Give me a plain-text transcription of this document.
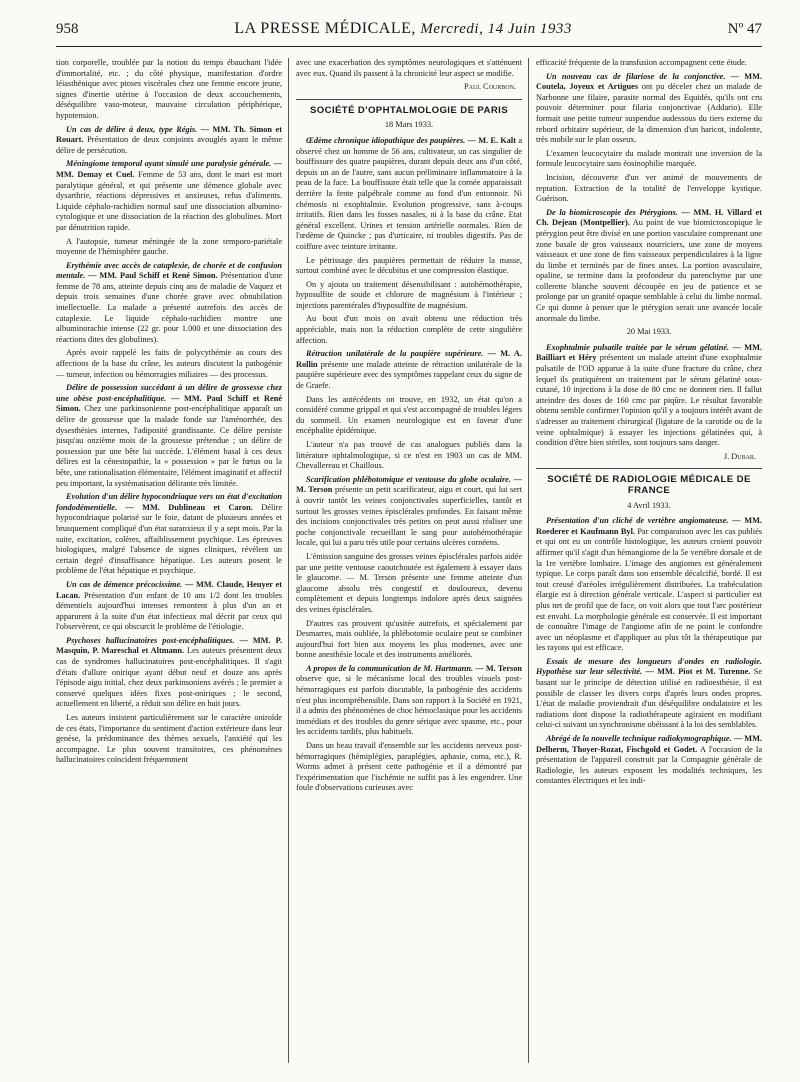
958	LA PRESSE MÉDICALE, Mercredi, 14 Juin 1933	Nº 47

tion corporelle, troublée par la notion du temps ébauchant l'idée d'immortalité, etc. ; du côté physique, manifestation d'ordre léiasthénique avec ptoses viscérales chez une femme encore jeune, signes d'inertie utérine à l'occasion de deux accouchements, déséquilibre vaso-moteur, mauvaise circulation périphérique, hypotension.

Un cas de délire à deux, type Régis. — MM. Th. Simon et Rouart. Présentation de deux conjoints avouglés ayant le même délire de persécution.

Méningiome temporal ayant simulé une paralysie générale. — MM. Demay et Cuel. Femme de 53 ans, dont le mari est mort paralytique général, et qui présente une démence globale avec dysarthrie, réactions dépressives et anxieuses, refus d'aliments. Liquide céphalo-rachidien normal sauf une dissociation albumino-cytologique et une dissociation de la réaction des globulines. Mort par dénutrition rapide.

A l'autopsie, tumeur méningée de la zone temporo-pariétale moyenne de l'hémisphère gauche.

Erythémie avec accès de cataplexie, de chorée et de confusion mentale. — MM. Paul Schiff et René Simon. Présentation d'une femme de 78 ans, atteinte depuis cinq ans de maladie de Vaquez et depuis trois semaines d'une chorée grave avec obnubilation intellectuelle. La malade a présenté autrefois des accès de cataplexie. Le liquide céphalo-rachidien montre une albuminorachie intense (22 gr. pour 1.000 et une dissociation des réactions dites des globulines).

Après avoir rappelé les faits de polycythémie au cours des affections de la base du crâne, les auteurs discutent la pathogénie — tumeur, infection ou hémorragies miliaires — des processus.

Délire de possession succédant à un délire de grossesse chez une obèse post-encéphalitique. — MM. Paul Schiff et René Simon. Chez une parkinsonienne post-encéphalitique apparaît un délire de grossesse que la malade fonde sur l'aménorrhée, des dysesthésies internes, l'adiposité grandissante. Ce délire persiste jusqu'au onzième mois de la grossesse prétendue ; un délire de possession par une bête lui succède. L'élément basal à ces deux délires est la cénestopathie, la « possession » par le fœtus ou la bête, une rationalisation élémentaire, l'élément imaginatif et affectif peu important, la systématisation délirante très limitée.

Evolution d'un délire hypocondriaque vers un état d'excitation fondodémentielle. — MM. Dublineau et Caron. Délire hypocondriaque polarisé sur le foie, datant de plusieurs années et brusquement compliqué d'un état suranxieux il y a sept mois. Par la suite, excitation, colères, affaiblissement psychique. Les épreuves biologiques, malgré l'absence de signes cliniques, révèlent un certain degré d'insuffisance hépatique. Les auteurs posent le problème de l'état hépatique et psychique.

Un cas de démence précocissime. — MM. Claude, Heuyer et Lacan. Présentation d'un enfant de 10 ans 1/2 dont les troubles démentiels aujourd'hui intenses remontent à plus d'un an et apparurent à la suite d'un état infectieux mal décrit par ceux qui l'observèrent, ce qui obscurcit le problème de l'étiologie.

Psychoses hallucinatoires post-encéphalitiques. — MM. P. Masquin, P. Mareschal et Altmann. Les auteurs présentent deux cas de syndromes hallucinatoires post-encéphalitiques. Il s'agit d'états d'allure onirique ayant début neuf et douze ans après l'épisode aigu initial, chez deux parkinsoniens avérés ; le premier a conservé quelques idées fixes post-oniriques ; le second, actuellement en liberté, a réduit son délire en huit jours.

Les auteurs insistent particulièrement sur le caractère oniroïde de ces états, l'importance du sentiment d'action extérieure dans leur genèse, la prédominance des thèmes sexuels, l'anxiété qui les accompagne. Le plus souvent transitoires, ces phénomènes hallucinatoires coïncident fréquemment

avec une exacerbation des symptômes neurologiques et s'atténuent avec eux. Quand ils passent à la chronicité leur aspect se modifie.

Paul Courbon.
SOCIÉTÉ D'OPHTALMOLOGIE DE PARIS
18 Mars 1933.

Œdème chronique idiopathique des paupières. — M. E. Kalt a observé chez un homme de 56 ans, cultivateur, un cas singulier de bouffissure des quatre paupières, durant depuis deux ans d'un côté, depuis un an de l'autre, sans aucun préliminaire inflammatoire à la peau de la face. La bouffissure était telle que la cornée apparaissait derrière la fente palpébrale comme au fond d'un entonnoir. Ni chémosis ni exophtalmie. Evolution progressive, sans à-coups irritatifs. Rien dans les fosses nasales, ni à la base du crâne. Etat général excellent. Urines et tension artérielle normales. Rien de l'œdème de Quincke ; pas d'urticaire, ni troubles digestifs. Pas de coiffure avec teinture irritante.

Le pétrissage des paupières permettait de réduire la masse, surtout combiné avec le décubitus et une compression élastique.

On y ajouta un traitement désensibilisant : autohémothérapie, hyposulfite de soude et chlorure de magnésium à l'intérieur ; injections parentérales d'hyposulfite de magnésium.

Au bout d'un mois on avait obtenu une réduction très appréciable, mais non la réduction complète de cette singulière affection.

Rétraction unilatérale de la paupière supérieure. — M. A. Rollin présente une malade atteinte de rétraction unilatérale de la paupière supérieure avec des symptômes rappelant ceux du signe de de Graefe.

Dans les antécédents on trouve, en 1932, un état qu'on a considéré comme grippal et qui s'est accompagné de troubles légers du sommeil. Un examen neurologique est en faveur d'une encéphalite épidémique.

L'auteur n'a pas trouvé de cas analogues publiés dans la littérature ophtalmologique, si ce n'est en 1903 un cas de MM. Chevallereau et Chaillous.

Scarification phlébotomique et ventouse du globe oculaire. — M. Terson présente un petit scarificateur, aigu et court, qui lui sert à ouvrir tantôt les veines conjonctivales superficielles, tantôt et surtout les grosses veines épisclérales profondes. En faisant même des incisions conjonctivales très petites on peut aussi réaliser une poche conjonctivale recueillant le sang pour autohémothérapie locale, qui lui a paru très utile pour certains ulcères cornéens.

L'émission sanguine des grosses veines épisclérales parfois aidée par une petite ventouse caoutchoutée est également à essayer dans le glaucome. — M. Terson présente une femme atteinte d'un glaucome absolu très congestif et douloureux, devenu complètement et depuis longtemps indolore après deux saignées des veines épisclérales.

D'autres cas prouvent qu'usitée autrefois, et spécialement par Desmarres, mais oubliée, la phlébotomie oculaire peut se combiner aujourd'hui fort bien aux moyens les plus modernes, avec une bonne anesthésie locale et des instruments améliorés.

A propos de la communication de M. Hartmann. — M. Terson observe que, si le mécanisme local des troubles visuels post-hémorragiques est parfois discutable, la pathogénie des accidents n'est plus incompréhensible. Dans son rapport à la Société en 1921, il a admis des phénomènes de choc hémoclasique pour les accidents immédiats et des troubles du genre sérique avec spasme, etc., pour les accidents tardifs, plus habituels.

Dans un beau travail d'ensemble sur les accidents nerveux post-hémorragiques (hémiplégies, paraplégies, aphasie, coma, etc.), R. Worms admet à présent cette pathogénie et il a démontré par l'expérimentation que l'ischémie ne suffit pas à les engendrer. Une foule d'observations curieuses avec

efficacité fréquente de la transfusion accompagnent cette étude.

Un nouveau cas de filariose de la conjonctive. — MM. Coutela, Joyeux et Artigues ont pu déceler chez un malade de Narbonne une filaire, parasite normal des Equidés, qu'ils ont cru pouvoir déterminer pour filaria conjonctivae (Addario). Elle formait une petite tumeur suspendue audessous du tiers externe du rebord orbitaire supérieur, de la dimension d'un haricot, indolente, très mobile sur le plan osseux.

L'examen leucocytaire du malade montrait une inversion de la formule leucocytaire sans éosinophilie marquée.

Incision, découverte d'un ver animé de mouvements de reptation. Extraction de la totalité de l'enveloppe kystique. Guérison.

De la biomicroscopie des Ptérygions. — MM. H. Villard et Ch. Dejean (Montpellier). Au point de vue biomicroscopique le ptérygion peut être divisé en une portion vasculaire comprenant une zone basale de gros vaisseaux nourriciers, une zone de moyens vaisseaux et une zone de fins vaisseaux perpendiculaires à la ligne du limbe et terminés par de fines anses. La portion avasculaire, opaline, se termine dans la profondeur du parenchyme par une collerette blanche souvent découpée en jeu de patience et se prolonge par un granité opaque semblable à celui du limbe normal. Ce qui donne à penser que le ptérygion serait une avancée locale anormale du limbe.

20 Mai 1933.

Exophtalmie pulsatile traitée par le sérum gélatiné. — MM. Bailliart et Héry présentent un malade atteint d'une exophtalmie pulsatile de l'OD apparue à la suite d'une fracture du crâne, chez lequel ils pratiquèrent un traitement par le sérum gélatiné sous-cutané, 10 injections à la dose de 80 cmc ne donnent rien. Il fallut atteindre des doses de 160 cmc par piqûre. Le résultat favorable obtenu semble confirmer l'opinion qu'il y a toujours intérêt avant de s'adresser au traitement chirurgical (ligature de la carotide ou de la veine ophtalmique) à essayer les injections gélatinées qui, à condition d'être bien stériles, sont toujours sans danger.

J. Dubar.
SOCIÉTÉ DE RADIOLOGIE MÉDICALE DE FRANCE
4 Avril 1933.

Présentation d'un cliché de vertèbre angiomateuse. — MM. Roederer et Kaufmann Byl. Par comparaison avec les cas publiés et qui ont eu un contrôle histologique, les auteurs croient pouvoir affirmer qu'il s'agit d'un hémangiome de la 5e vertèbre dorsale et de la 1re vertèbre lombaire. L'image des angiomes est généralement typique. Le corps paraît dans son ensemble décalcifié, bordé. Il est tout creusé d'aréoles irrégulièrement distribuées. La trabéculation élargie est à direction générale verticale. L'aspect si particulier est plus net de profil que de face, on voit alors que tout l'arc postérieur est envahi. La morphologie générale est conservée. Il est important de connaître l'image de l'angiome afin de ne point le confondre avec un néoplasme et d'appliquer au plus tôt la thérapeutique par les rayons qui est efficace.

Essais de mesure des longueurs d'ondes en radiologie. Hypothèse sur leur sélectivité. — MM. Piot et M. Turenne. Se basant sur le principe de détection utilisé en radioesthésie, il est possible de classer les divers corps d'après leurs ondes propres. L'état de maladie proviendrait d'un déséquilibre ondulatoire et les radiations dont dispose la radiothérapeute agiraient en modifiant celui-ci suivant un synchronisme obéissant à la loi des semblables.

Abrégé de la nouvelle technique radiokymographique. — MM. Delherm, Thoyer-Rozat, Fischgold et Godet. A l'occasion de la présentation de l'appareil construit par la Compagnie générale de Radiologie, les auteurs exposent les modalités techniques, les constantes électriques et les indi-
